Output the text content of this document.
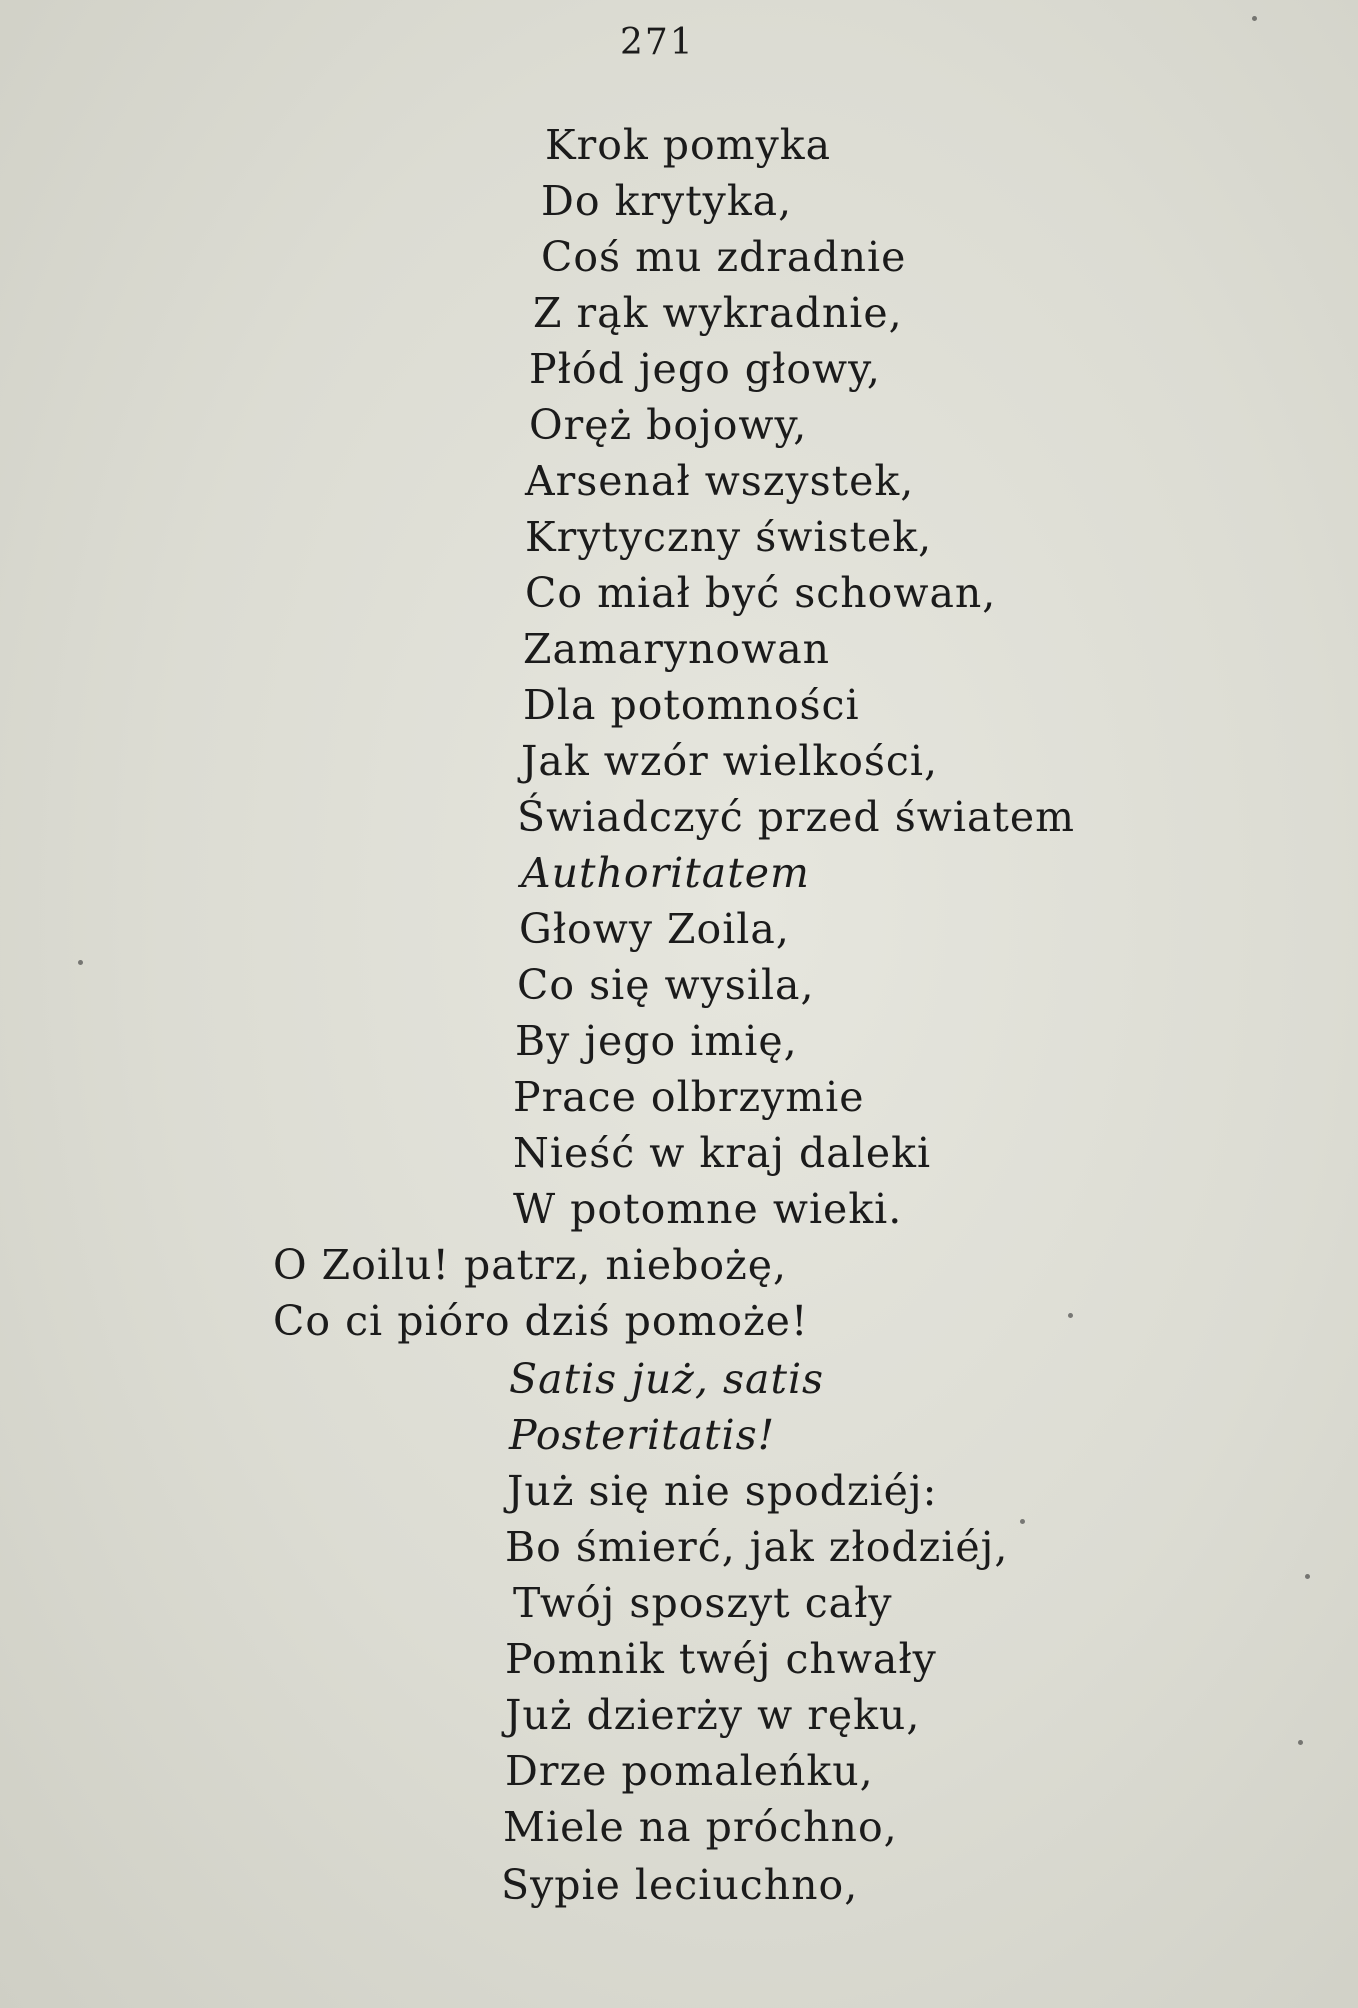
271
Krok pomyka
Do krytyka,
Coś mu zdradnie
Z rąk wykradnie,
Płód jego głowy,
Oręż bojowy,
Arsenał wszystek,
Krytyczny świstek,
Co miał być schowan,
Zamarynowan
Dla potomności
Jak wzór wielkości,
Świadczyć przed światem
Authoritatem
Głowy Zoila,
Co się wysila,
By jego imię,
Prace olbrzymie
Nieść w kraj daleki
W potomne wieki.
O Zoilu! patrz, niebożę,
Co ci pióro dziś pomoże!
Satis już, satis
Posteritatis!
Już się nie spodziéj:
Bo śmierć, jak złodziéj,
Twój sposzyt cały
Pomnik twéj chwały
Już dzierży w ręku,
Drze pomaleńku,
Miele na próchno,
Sypie leciuchno,
